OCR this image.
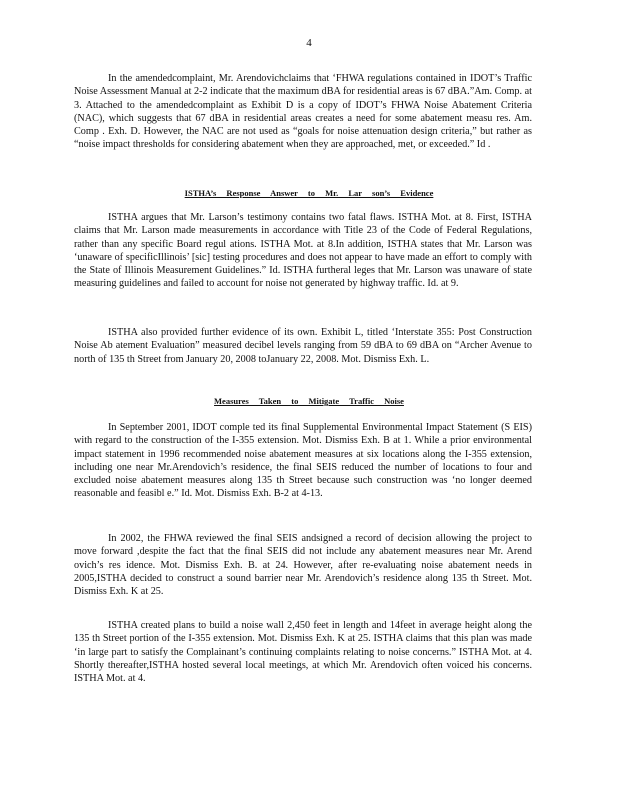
4

In the amendedcomplaint, Mr. Arendovichclaims that ‘FHWA regulations contained in IDOT’s Traffic Noise Assessment Manual at 2-2 indicate that the maximum dBA for residential areas is 67 dBA.”Am. Comp. at 3. Attached to the amendedcomplaint as Exhibit D is a copy of IDOT’s FHWA Noise Abatement Criteria (NAC), which suggests that 67 dBA in residential areas creates a need for some abatement measu res. Am. Comp . Exh. D. However, the NAC are not used as “goals for noise attenuation design criteria,” but rather as “noise impact thresholds for considering abatement when they are approached, met, or exceeded.” Id .

ISTHA’s Response Answer to Mr. Lar son’s Evidence

ISTHA argues that Mr. Larson’s testimony contains two fatal flaws. ISTHA Mot. at 8. First, ISTHA claims that Mr. Larson made measurements in accordance with Title 23 of the Code of Federal Regulations, rather than any specific Board regul ations. ISTHA Mot. at 8.In addition, ISTHA states that Mr. Larson was ‘unaware of specificIllinois’ [sic] testing procedures and does not appear to have made an effort to comply with the State of Illinois Measurement Guidelines.” Id. ISTHA furtheral leges that Mr. Larson was unaware of state measuring guidelines and failed to account for noise not generated by highway traffic. Id. at 9.

ISTHA also provided further evidence of its own. Exhibit L, titled ‘Interstate 355: Post Construction Noise Ab atement Evaluation” measured decibel levels ranging from 59 dBA to 69 dBA on “Archer Avenue to north of 135 th Street from January 20, 2008 toJanuary 22, 2008. Mot. Dismiss Exh. L.

Measures Taken to Mitigate Traffic Noise

In September 2001, IDOT comple ted its final Supplemental Environmental Impact Statement (S EIS) with regard to the construction of the I-355 extension. Mot. Dismiss Exh. B at 1. While a prior environmental impact statement in 1996 recommended noise abatement measures at six locations along the I-355 extension, including one near Mr.Arendovich’s residence, the final SEIS reduced the number of locations to four and excluded noise abatement measures along 135 th Street because such construction was ‘no longer deemed reasonable and feasibl e.” Id. Mot. Dismiss Exh. B-2 at 4-13.

In 2002, the FHWA reviewed the final SEIS andsigned a record of decision allowing the project to move forward ,despite the fact that the final SEIS did not include any abatement measures near Mr. Arend ovich’s res idence. Mot. Dismiss Exh. B. at 24. However, after re-evaluating noise abatement needs in 2005,ISTHA decided to construct a sound barrier near Mr. Arendovich’s residence along 135 th Street. Mot. Dismiss Exh. K at 25.

ISTHA created plans to build a noise wall 2,450 feet in length and 14feet in average height along the 135 th Street portion of the I-355 extension. Mot. Dismiss Exh. K at 25. ISTHA claims that this plan was made ‘in large part to satisfy the Complainant’s continuing complaints relating to noise concerns.” ISTHA Mot. at 4. Shortly thereafter,ISTHA hosted several local meetings, at which Mr. Arendovich often voiced his concerns. ISTHA Mot. at 4.
